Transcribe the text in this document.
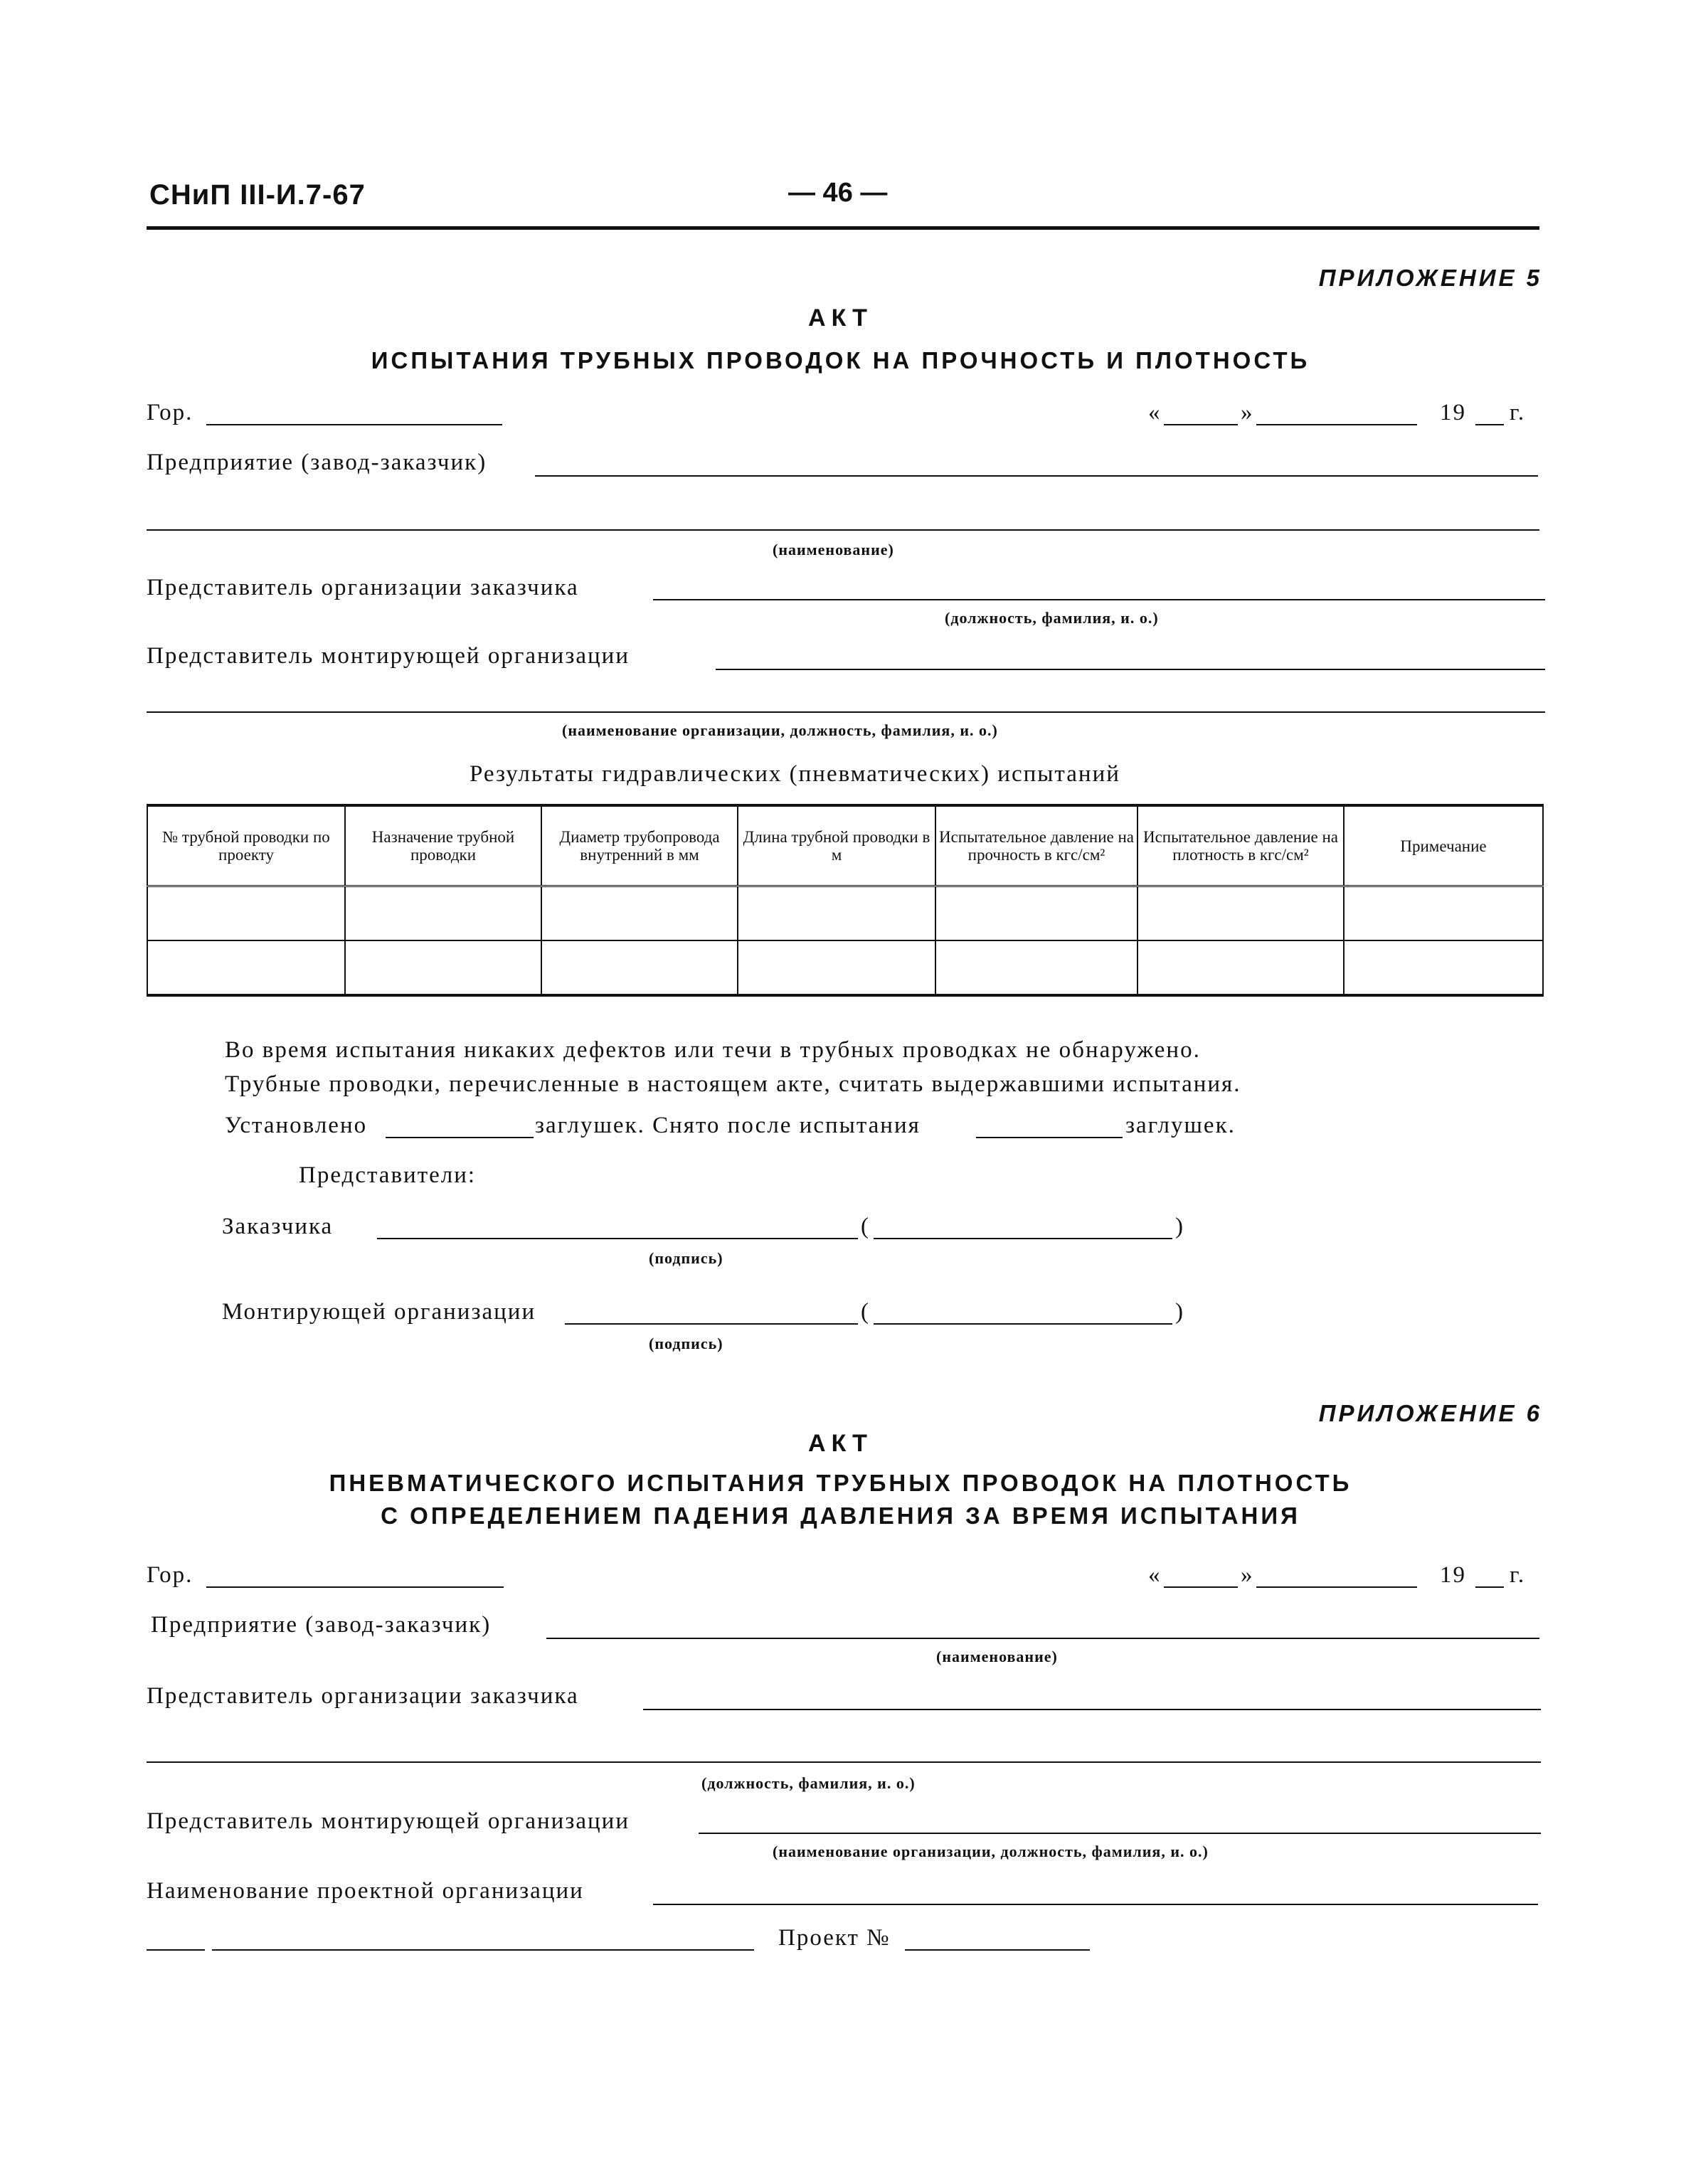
СНиП III-И.7-67	— 46 —
ПРИЛОЖЕНИЕ 5
АКТ
ИСПЫТАНИЯ ТРУБНЫХ ПРОВОДОК НА ПРОЧНОСТЬ И ПЛОТНОСТЬ
Гор.	«	»	19 г.
Предприятие (завод-заказчик)
(наименование)
Представитель организации заказчика
(должность, фамилия, и. о.)
Представитель монтирующей организации
(наименование организации, должность, фамилия, и. о.)
Результаты гидравлических (пневматических) испытаний
№ трубной проводки по проекту	Назначение трубной проводки	Диаметр трубопровода внутренний в мм	Длина трубной проводки в м	Испытательное давление на прочность в кгс/см²	Испытательное давление на плотность в кгс/см²	Примечание

Во время испытания никаких дефектов или течи в трубных проводках не обнаружено.
Трубные проводки, перечисленные в настоящем акте, считать выдержавшими испытания.
Установлено	заглушек. Снято после испытания	заглушек.
Представители:
Заказчика	(	)
(подпись)
Монтирующей организации	(	)
(подпись)
ПРИЛОЖЕНИЕ 6
АКТ
ПНЕВМАТИЧЕСКОГО ИСПЫТАНИЯ ТРУБНЫХ ПРОВОДОК НА ПЛОТНОСТЬ
С ОПРЕДЕЛЕНИЕМ ПАДЕНИЯ ДАВЛЕНИЯ ЗА ВРЕМЯ ИСПЫТАНИЯ
Гор.	«	»	19 г.
Предприятие (завод-заказчик)
(наименование)
Представитель организации заказчика
(должность, фамилия, и. о.)
Представитель монтирующей организации
(наименование организации, должность, фамилия, и. о.)
Наименование проектной организации
Проект №
